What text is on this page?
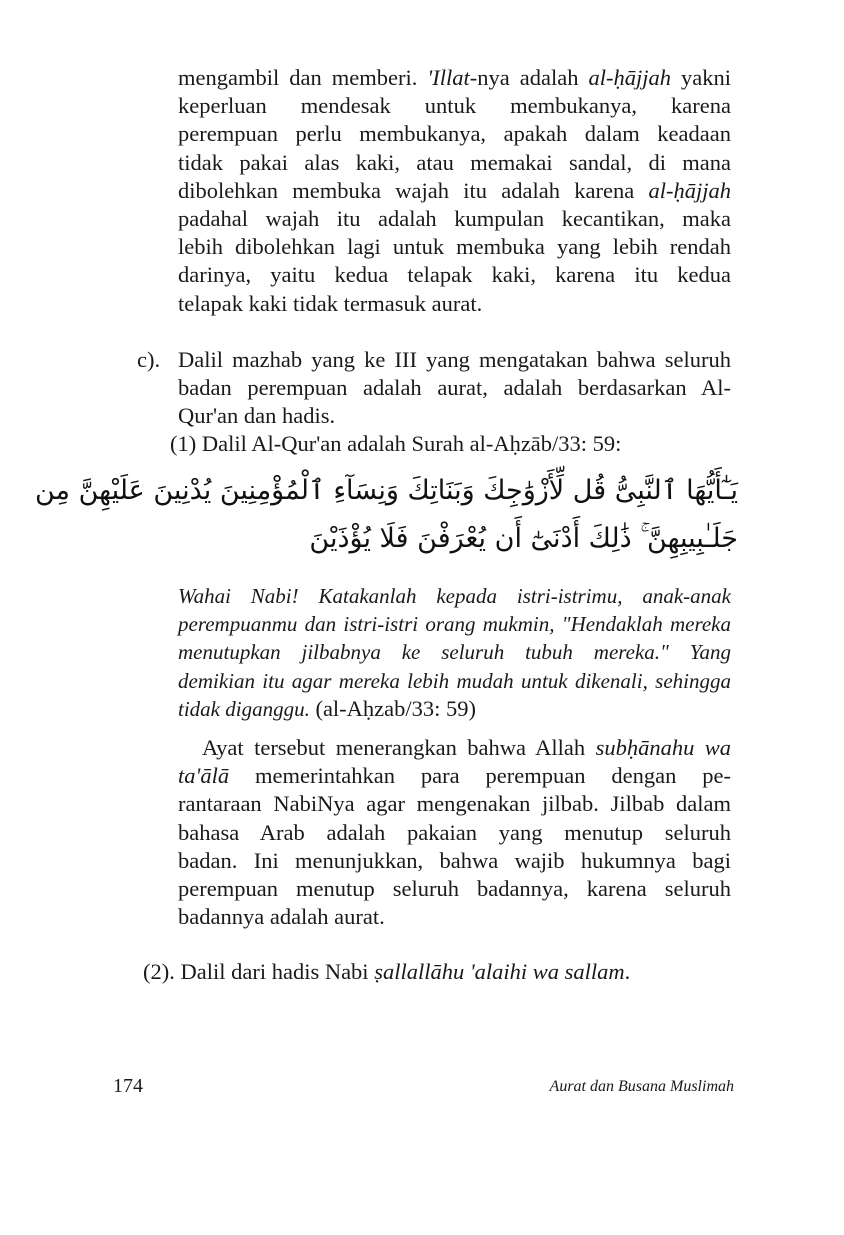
mengambil dan memberi. 'Illat-nya adalah al-ḥājjah yakni
keperluan mendesak untuk membukanya, karena
perempuan perlu membukanya, apakah dalam keadaan
tidak pakai alas kaki, atau memakai sandal, di mana
dibolehkan membuka wajah itu adalah karena al-ḥājjah
padahal wajah itu adalah kumpulan kecantikan, maka
lebih dibolehkan lagi untuk membuka yang lebih rendah
darinya, yaitu kedua telapak kaki, karena itu kedua
telapak kaki tidak termasuk aurat.
c). Dalil mazhab yang ke III yang mengatakan bahwa seluruh
badan perempuan adalah aurat, adalah berdasarkan Al-
Qur'an dan hadis.
(1) Dalil Al-Qur'an adalah Surah al-Aḥzāb/33: 59:
يَـٰٓأَيُّهَا ٱلنَّبِىُّ قُل لِّأَزْوَٰجِكَ وَبَنَاتِكَ وَنِسَآءِ ٱلْمُؤْمِنِينَ يُدْنِينَ عَلَيْهِنَّ مِن
جَلَـٰبِيبِهِنَّ ۚ ذَٰلِكَ أَدْنَىٰٓ أَن يُعْرَفْنَ فَلَا يُؤْذَيْنَ
Wahai Nabi! Katakanlah kepada istri-istrimu, anak-anak
perempuanmu dan istri-istri orang mukmin, "Hendaklah mereka
menutupkan jilbabnya ke seluruh tubuh mereka." Yang
demikian itu agar mereka lebih mudah untuk dikenali, sehingga
tidak diganggu. (al-Aḥzab/33: 59)
Ayat tersebut menerangkan bahwa Allah subḥānahu wa
ta'ālā memerintahkan para perempuan dengan pe-
rantaraan NabiNya agar mengenakan jilbab. Jilbab dalam
bahasa Arab adalah pakaian yang menutup seluruh
badan. Ini menunjukkan, bahwa wajib hukumnya bagi
perempuan menutup seluruh badannya, karena seluruh
badannya adalah aurat.
(2). Dalil dari hadis Nabi ṣallallāhu 'alaihi wa sallam.
174	Aurat dan Busana Muslimah
